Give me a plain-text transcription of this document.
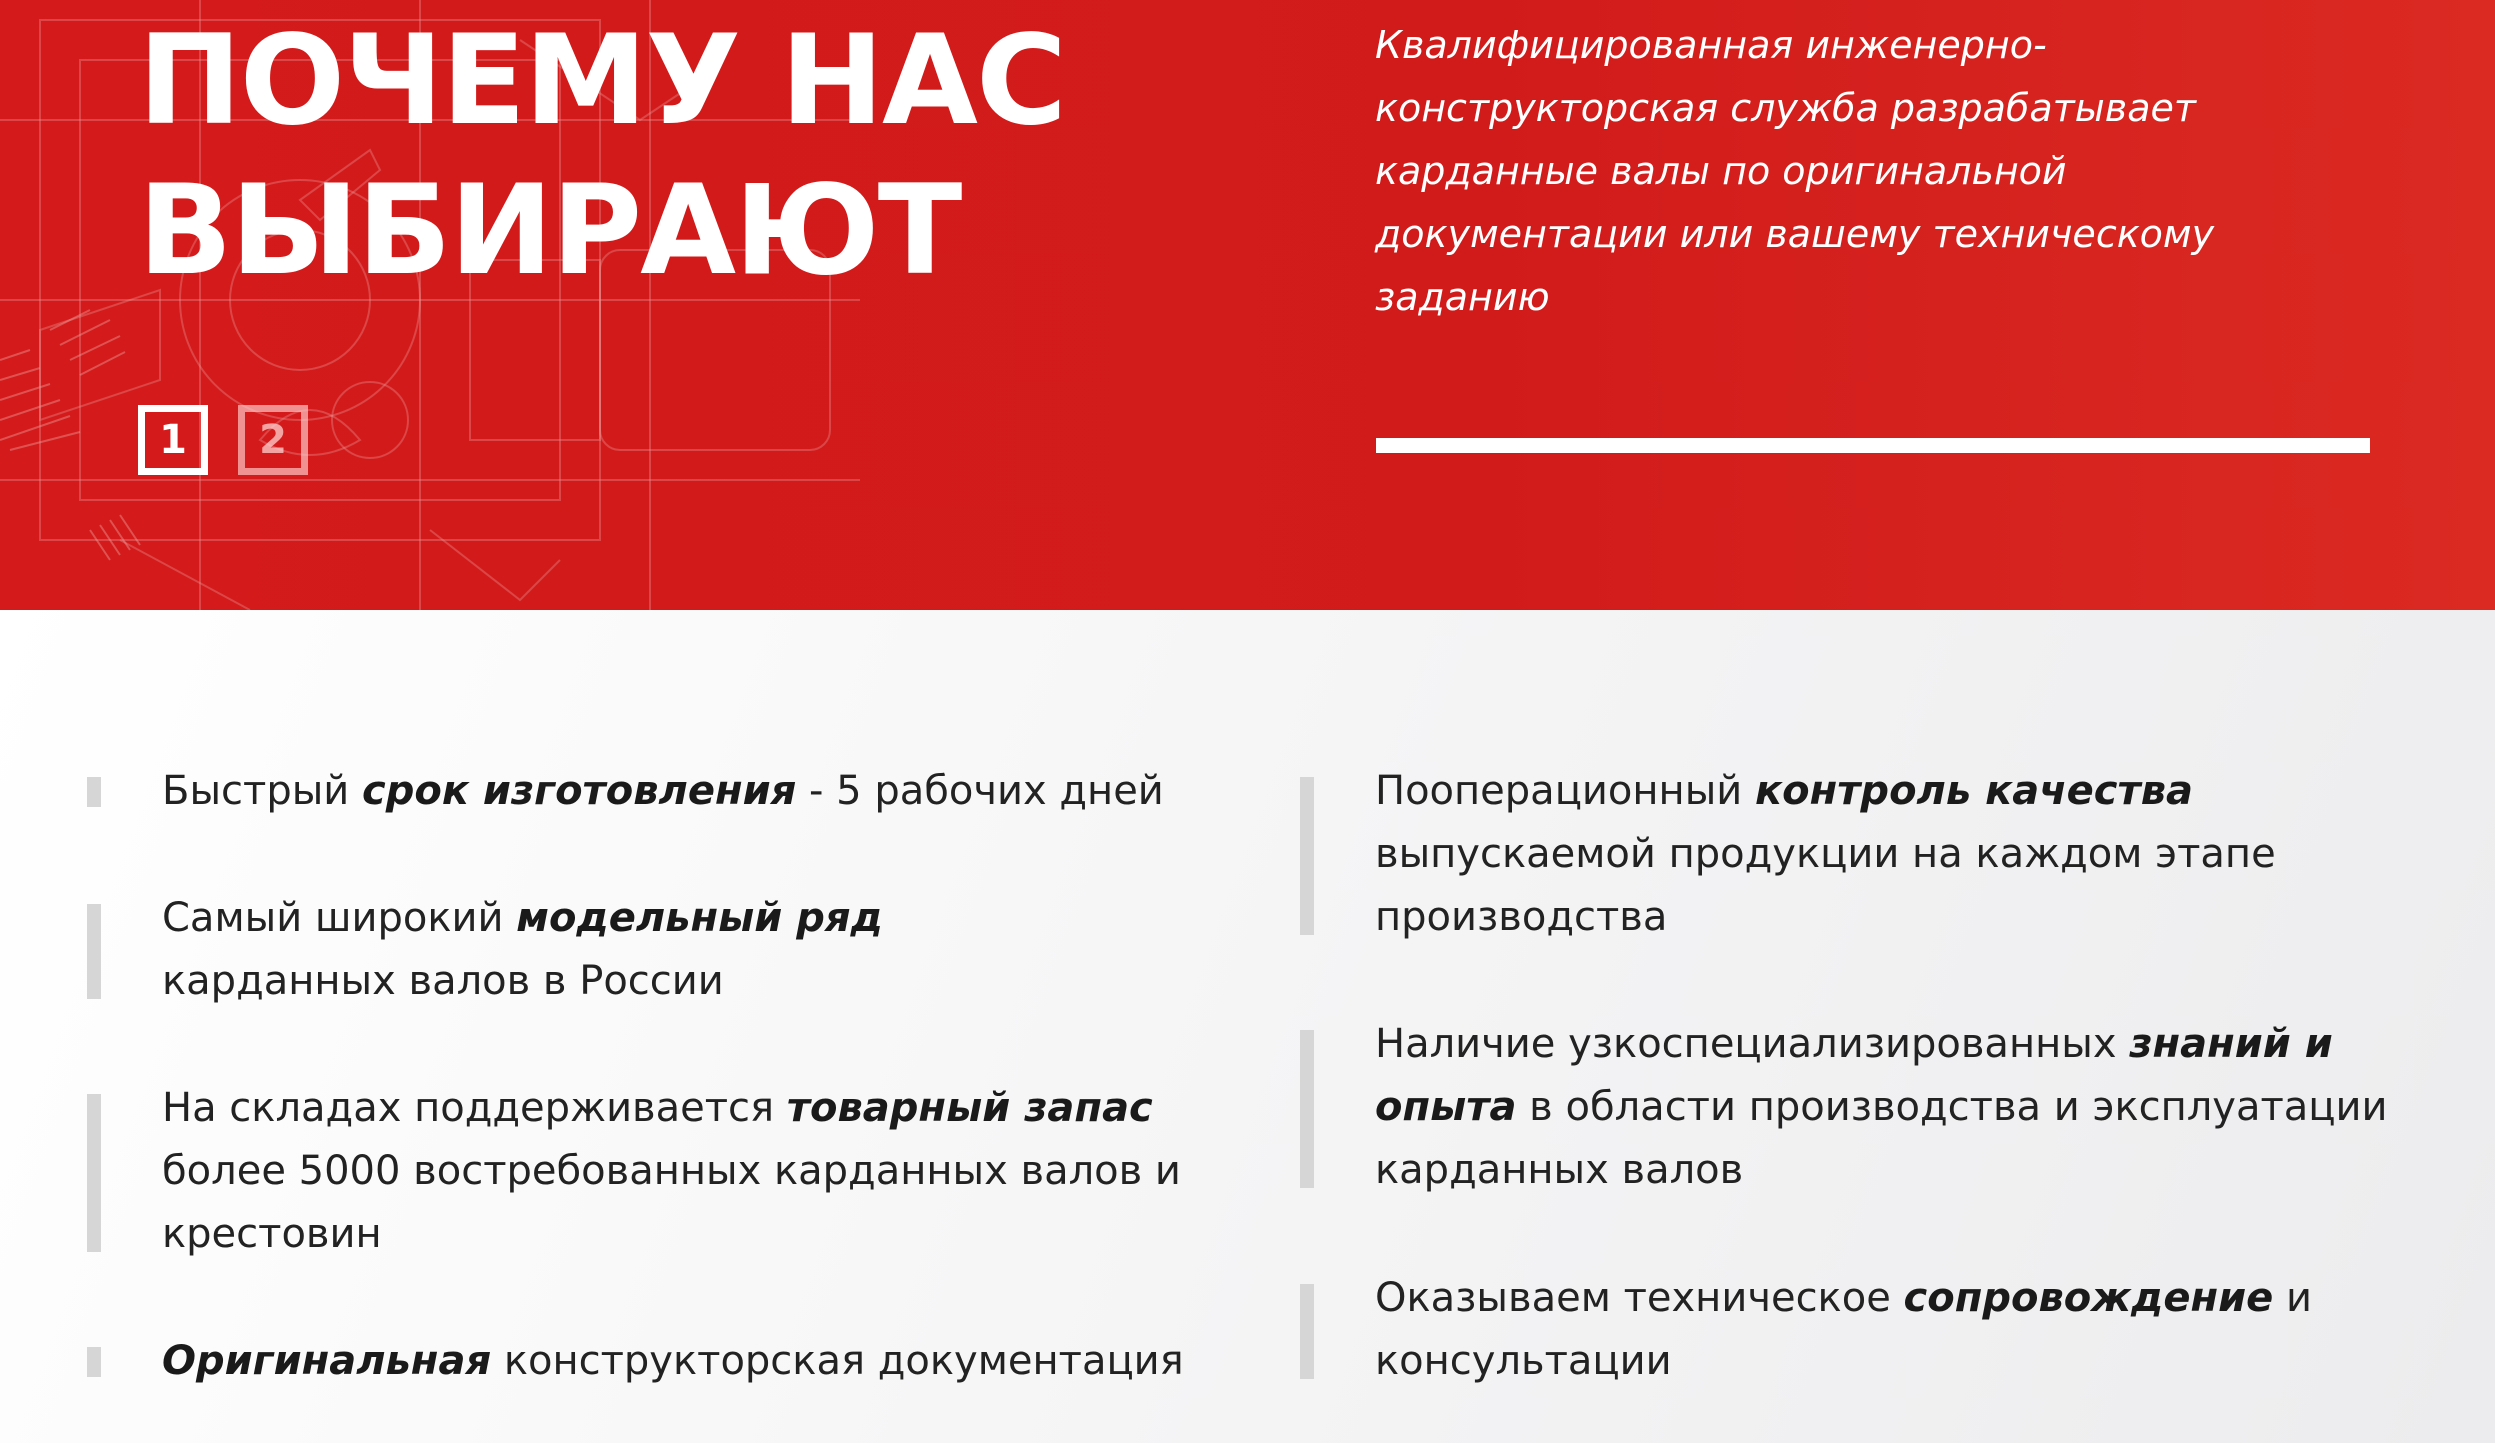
ПОЧЕМУ НАС
ВЫБИРАЮТ
1	2

Квалифицированная инженерно-конструкторская служба разрабатывает карданные валы по оригинальной документации или вашему техническому заданию

Быстрый срок изготовления - 5 рабочих дней

Самый широкий модельный ряд карданных валов в России

На складах поддерживается товарный запас более 5000 востребованных карданных валов и крестовин

Оригинальная конструкторская документация

Пооперационный контроль качества выпускаемой продукции на каждом этапе производства

Наличие узкоспециализированных знаний и опыта в области производства и эксплуатации карданных валов

Оказываем техническое сопровождение и консультации
